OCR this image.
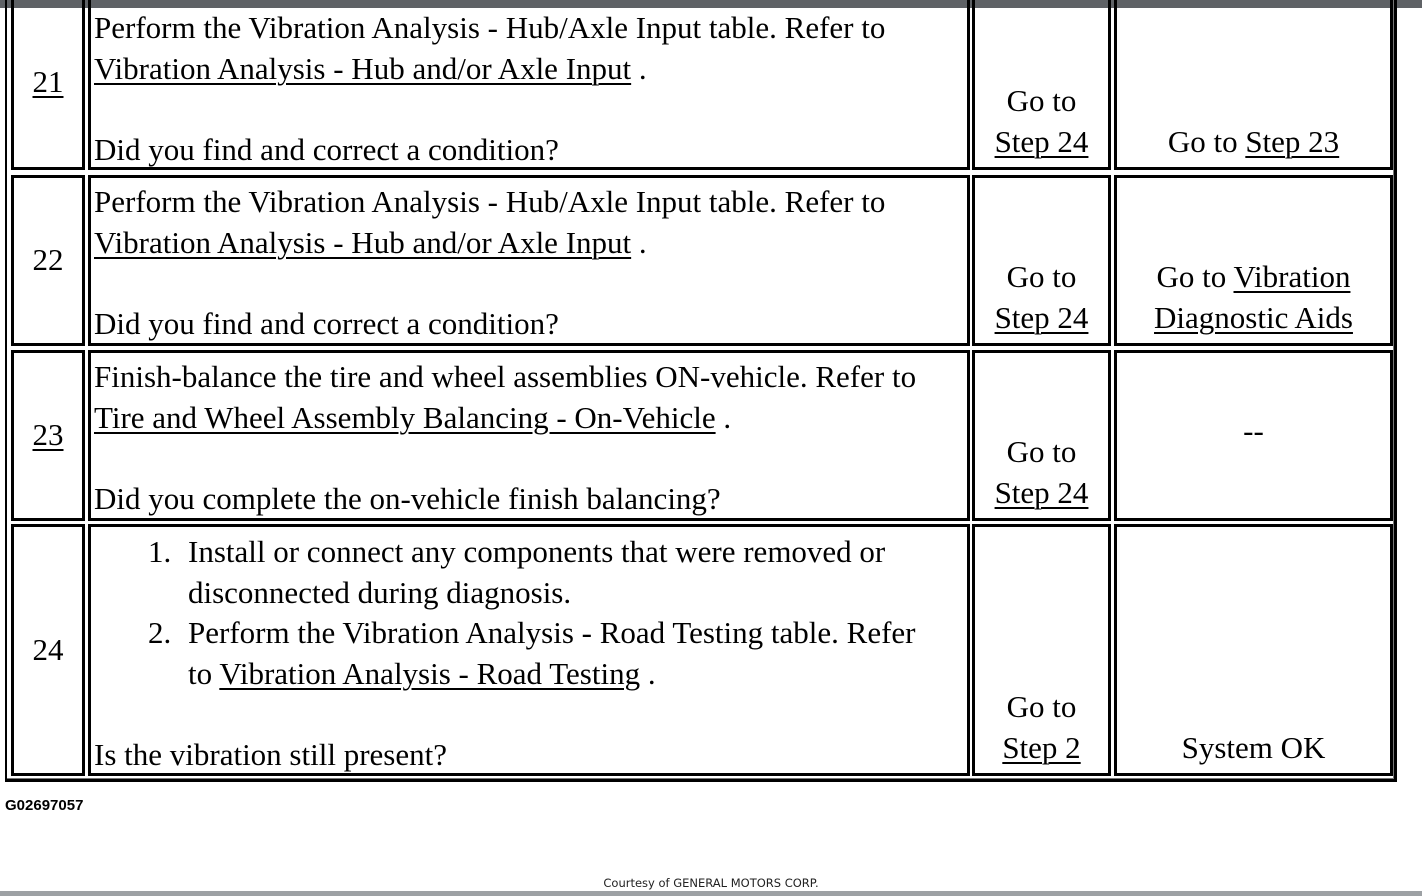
21
Perform the Vibration Analysis - Hub/Axle Input table. Refer to
Vibration Analysis - Hub and/or Axle Input .
Did you find and correct a condition?
Go to
Step 24	Go to Step 23
22
Perform the Vibration Analysis - Hub/Axle Input table. Refer to
Vibration Analysis - Hub and/or Axle Input .
Did you find and correct a condition?
Go to
Step 24
Go to Vibration
Diagnostic Aids
23
Finish-balance the tire and wheel assemblies ON-vehicle. Refer to
Tire and Wheel Assembly Balancing - On-Vehicle .
Did you complete the on-vehicle finish balancing?
Go to
Step 24
--
24
1. Install or connect any components that were removed or
disconnected during diagnosis.
2. Perform the Vibration Analysis - Road Testing table. Refer
to Vibration Analysis - Road Testing .
Is the vibration still present?
Go to
Step 2	System OK
G02697057
Courtesy of GENERAL MOTORS CORP.
